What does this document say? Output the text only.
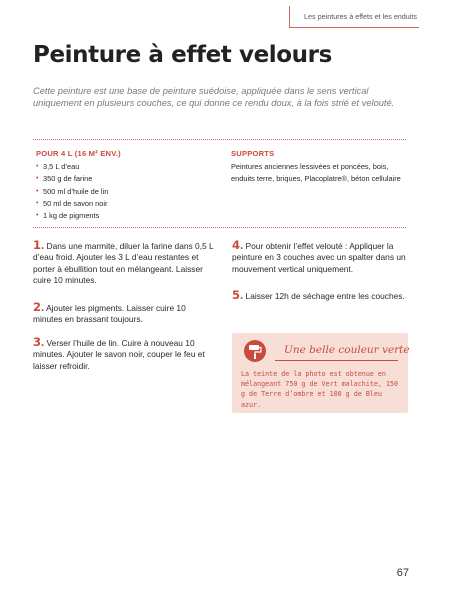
Les peintures à effets et les enduits
Peinture à effet velours

Cette peinture est une base de peinture suédoise, appliquée dans le sens vertical uniquement en plusieurs couches, ce qui donne ce rendu doux, à la fois strié et velouté.

POUR 4 L (16 M² ENV.)
• 3,5 L d’eau
• 350 g de farine
• 500 ml d’huile de lin
• 50 ml de savon noir
• 1 kg de pigments
SUPPORTS

Peintures anciennes lessivées et poncées, bois, enduits terre, briques, Placoplatre®, béton cellulaire

1. Dans une marmite, diluer la farine dans 0,5 L d’eau froid. Ajouter les 3 L d’eau restantes et porter à ébullition tout en mélangeant. Laisser cuire 10 minutes.
2. Ajouter les pigments. Laisser cuire 10 minutes en brassant toujours.
3. Verser l’huile de lin. Cuire à nouveau 10 minutes. Ajouter le savon noir, couper le feu et laisser refroidir.
4. Pour obtenir l’effet velouté : Appliquer la peinture en 3 couches avec un spalter dans un mouvement vertical uniquement.
5. Laisser 12h de séchage entre les couches.
Une belle couleur verte

La teinte de la photo est obtenue en mélangeant 750 g de Vert malachite, 150 g de Terre d’ombre et 100 g de Bleu azur.

67
